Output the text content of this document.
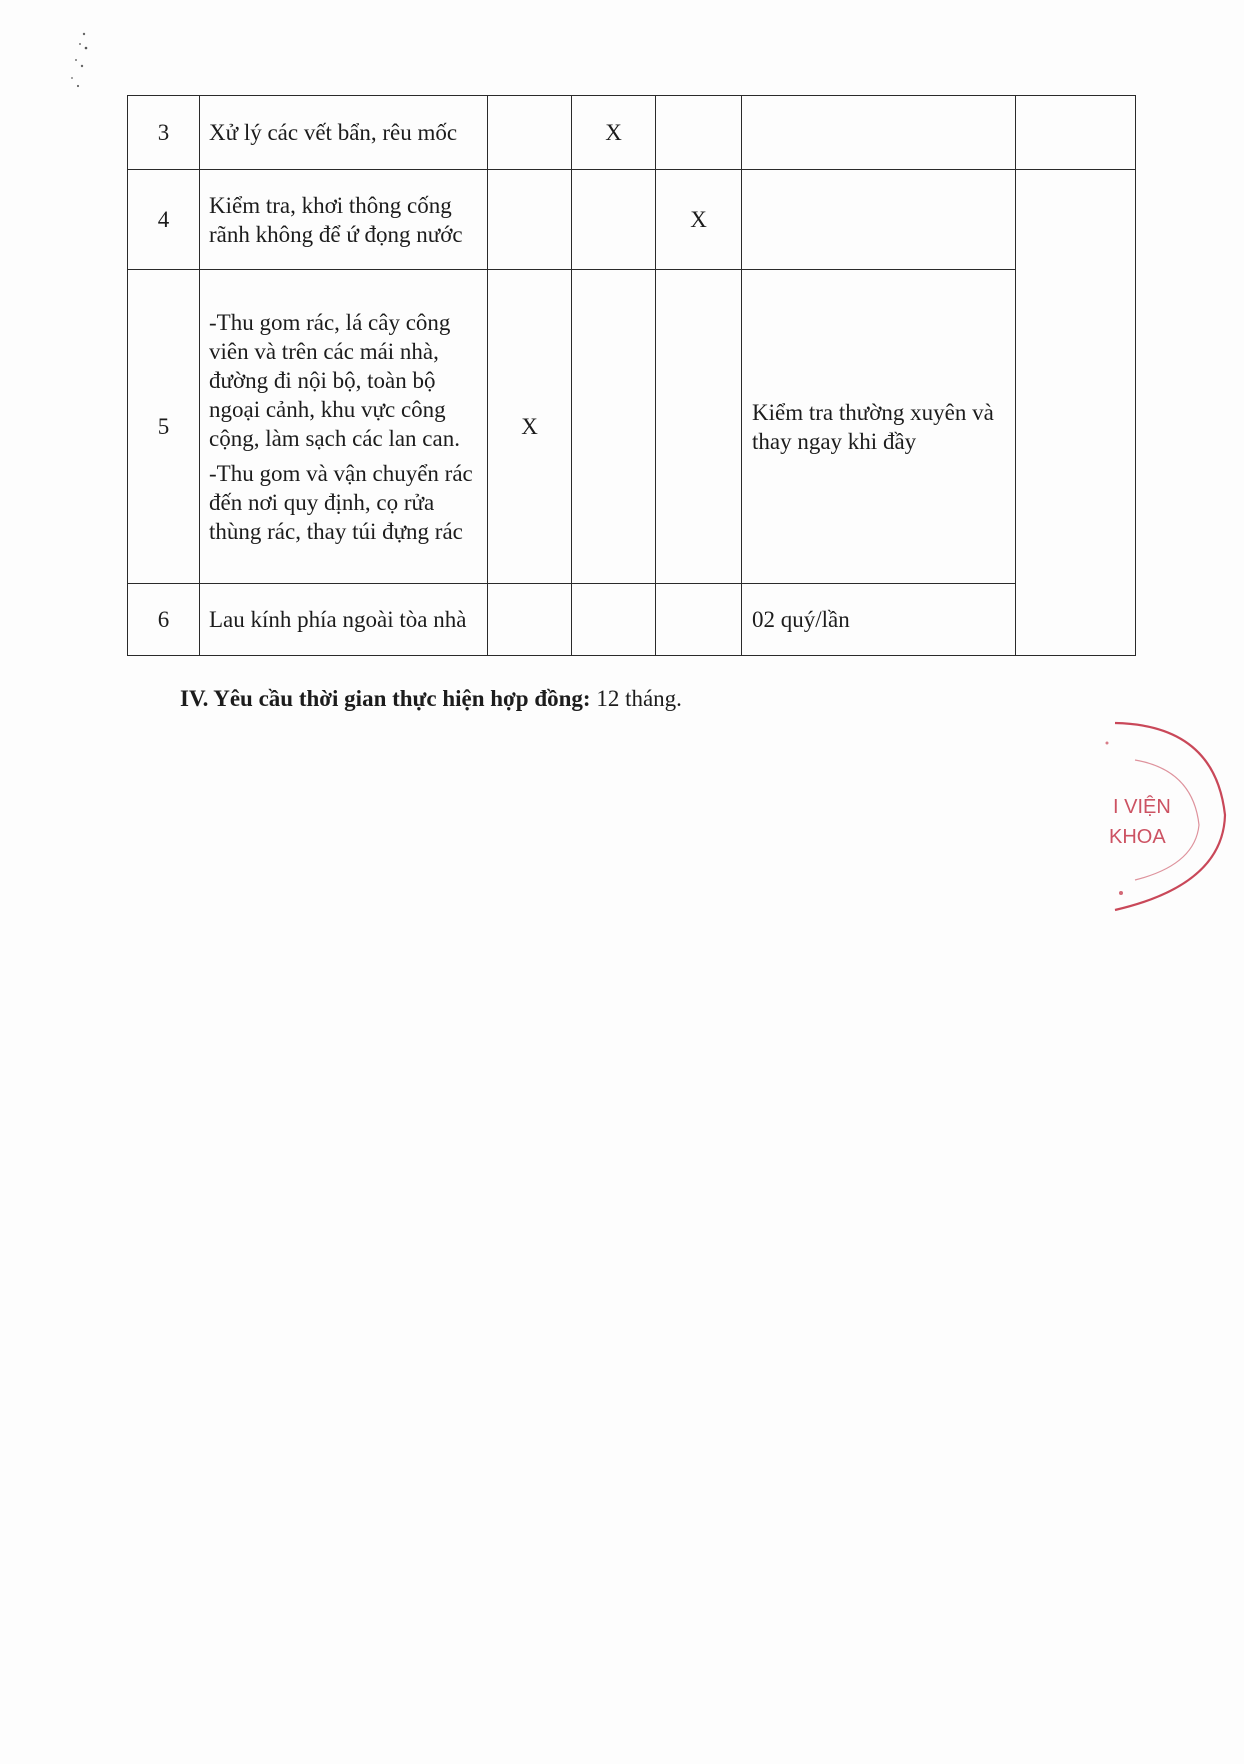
3	Xử lý các vết bẩn, rêu mốc		X			
4	Kiểm tra, khơi thông cống rãnh không để ứ đọng nước			X		
5	-Thu gom rác, lá cây công viên và trên các mái nhà, đường đi nội bộ, toàn bộ ngoại cảnh, khu vực công cộng, làm sạch các lan can.

-Thu gom và vận chuyển rác đến nơi quy định, cọ rửa thùng rác, thay túi đựng rác	X			Kiểm tra thường xuyên và thay ngay khi đầy	
6	Lau kính phía ngoài tòa nhà				02 quý/lần	
IV. Yêu cầu thời gian thực hiện hợp đồng: 12 tháng.
I VIỆN
KHOA
